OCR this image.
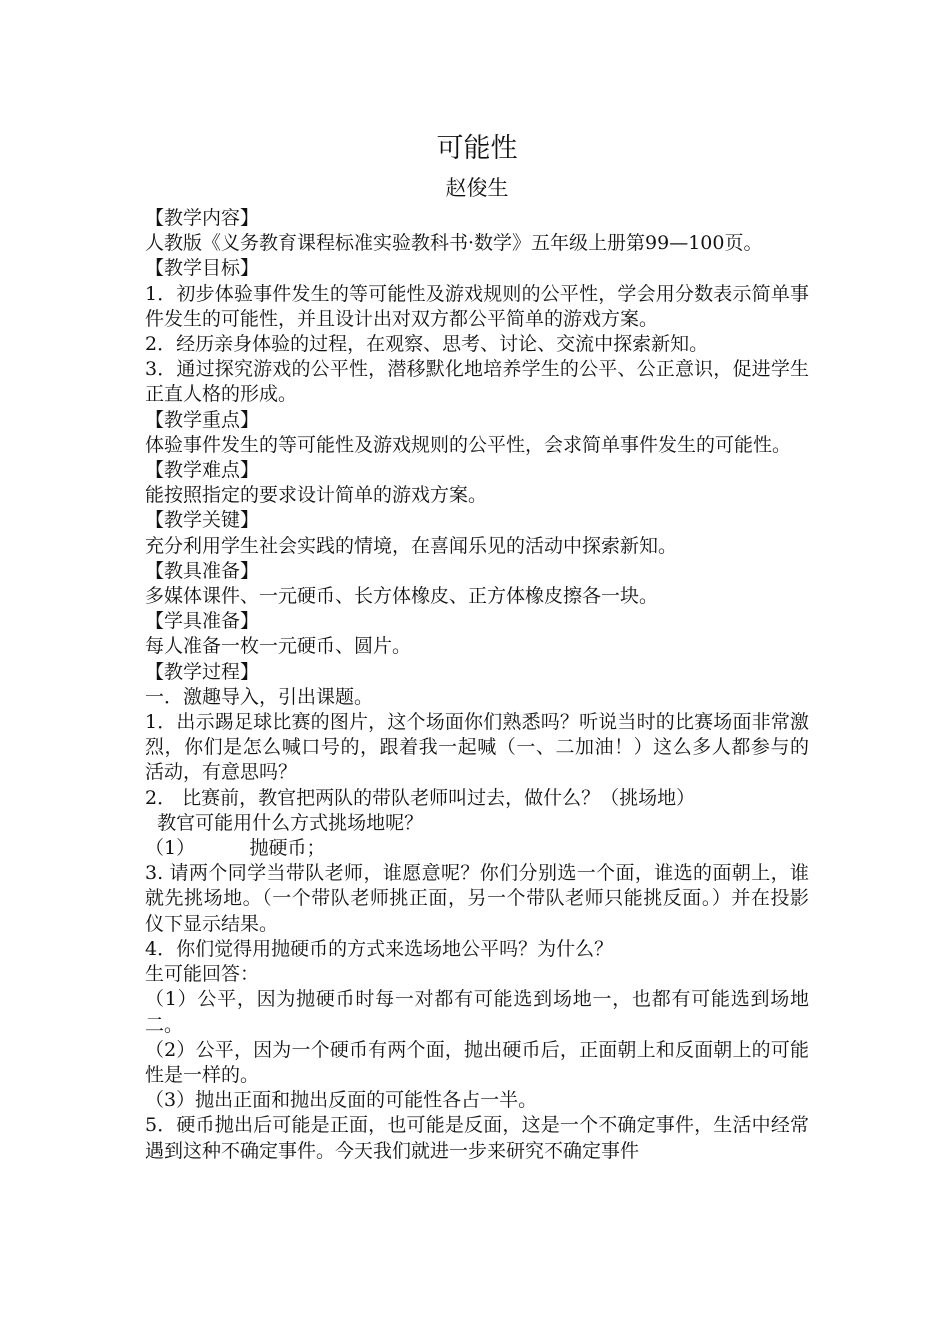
可能性

赵俊生

【教学内容】

人教版《义务教育课程标准实验教科书·数学》五年级上册第99—100页。

【教学目标】

1．初步体验事件发生的等可能性及游戏规则的公平性，学会用分数表示简单事件发生的可能性，并且设计出对双方都公平简单的游戏方案。

2．经历亲身体验的过程，在观察、思考、讨论、交流中探索新知。

3．通过探究游戏的公平性，潜移默化地培养学生的公平、公正意识，促进学生正直人格的形成。

【教学重点】

体验事件发生的等可能性及游戏规则的公平性，会求简单事件发生的可能性。

【教学难点】

能按照指定的要求设计简单的游戏方案。

【教学关键】

充分利用学生社会实践的情境，在喜闻乐见的活动中探索新知。

【教具准备】

多媒体课件、一元硬币、长方体橡皮、正方体橡皮擦各一块。

【学具准备】

每人准备一枚一元硬币、圆片。

【教学过程】

一．激趣导入，引出课题。

1．出示踢足球比赛的图片，这个场面你们熟悉吗？听说当时的比赛场面非常激烈，你们是怎么喊口号的，跟着我一起喊（一、二加油！）这么多人都参与的活动，有意思吗？

2． 比赛前，教官把两队的带队老师叫过去，做什么？（挑场地）

教官可能用什么方式挑场地呢？

（1）         抛硬币；

3. 请两个同学当带队老师，谁愿意呢？你们分别选一个面，谁选的面朝上，谁就先挑场地。（一个带队老师挑正面，另一个带队老师只能挑反面。）并在投影仪下显示结果。

4．你们觉得用抛硬币的方式来选场地公平吗？为什么？

生可能回答：

（1）公平，因为抛硬币时每一对都有可能选到场地一，也都有可能选到场地二。

（2）公平，因为一个硬币有两个面，抛出硬币后，正面朝上和反面朝上的可能性是一样的。

（3）抛出正面和抛出反面的可能性各占一半。

5．硬币抛出后可能是正面，也可能是反面，这是一个不确定事件，生活中经常遇到这种不确定事件。今天我们就进一步来研究不确定事件
